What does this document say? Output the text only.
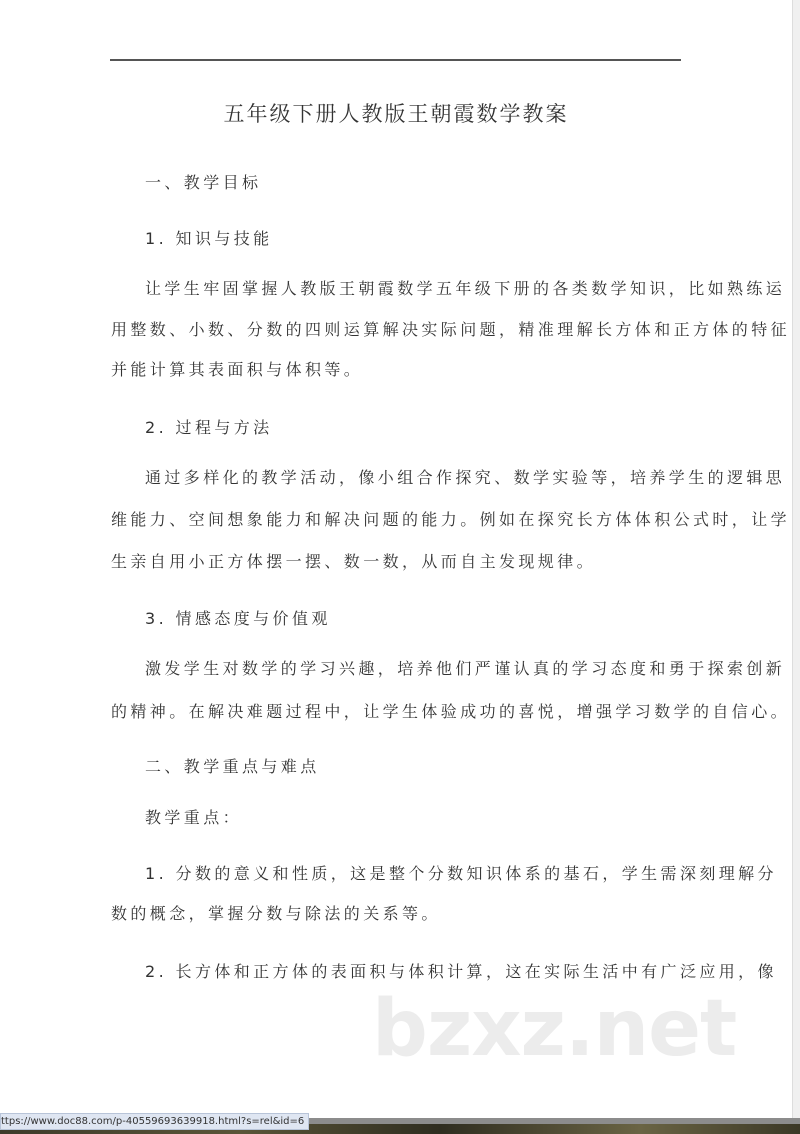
五年级下册人教版王朝霞数学教案
一、教学目标
1. 知识与技能
让学生牢固掌握人教版王朝霞数学五年级下册的各类数学知识，比如熟练运
用整数、小数、分数的四则运算解决实际问题，精准理解长方体和正方体的特征
并能计算其表面积与体积等。
2. 过程与方法
通过多样化的教学活动，像小组合作探究、数学实验等，培养学生的逻辑思
维能力、空间想象能力和解决问题的能力。例如在探究长方体体积公式时，让学
生亲自用小正方体摆一摆、数一数，从而自主发现规律。
3. 情感态度与价值观
激发学生对数学的学习兴趣，培养他们严谨认真的学习态度和勇于探索创新
的精神。在解决难题过程中，让学生体验成功的喜悦，增强学习数学的自信心。
二、教学重点与难点
教学重点：
1. 分数的意义和性质，这是整个分数知识体系的基石，学生需深刻理解分
数的概念，掌握分数与除法的关系等。
2. 长方体和正方体的表面积与体积计算，这在实际生活中有广泛应用，像
bzxz.net
ttps://www.doc88.com/p-40559693639918.html?s=rel&id=6
